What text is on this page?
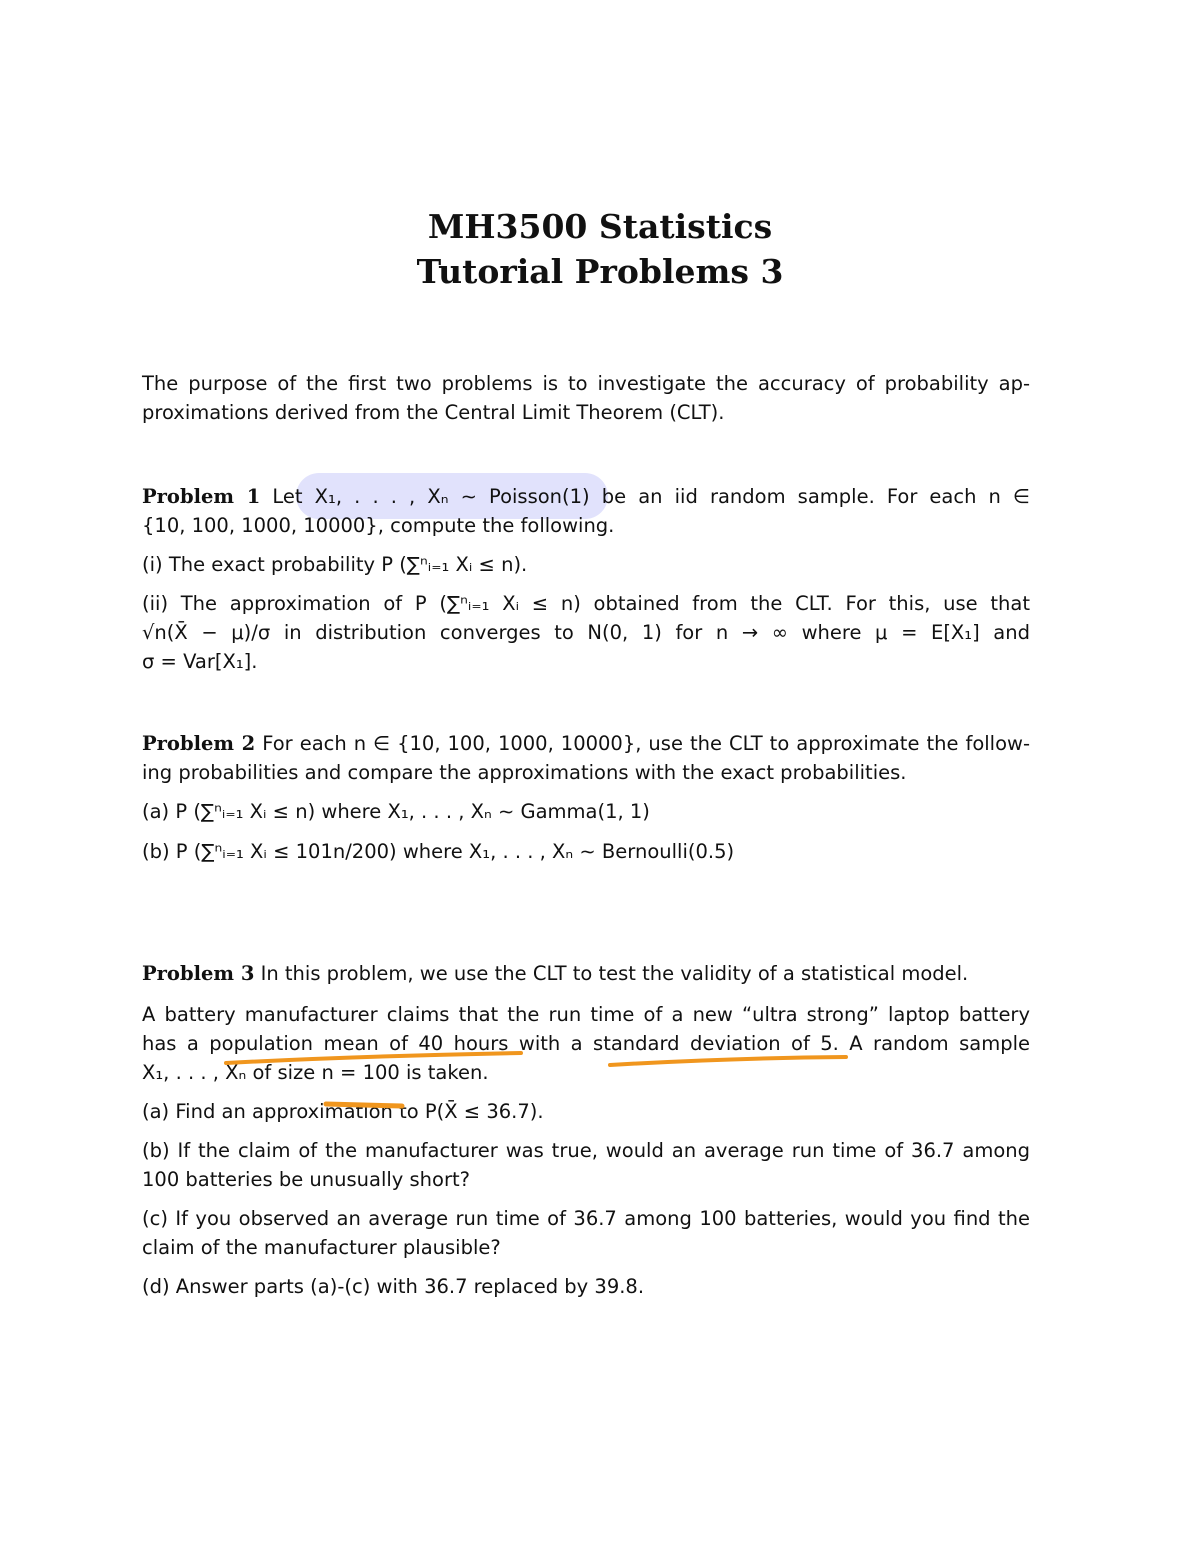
MH3500 Statistics
Tutorial Problems 3
The purpose of the first two problems is to investigate the accuracy of probability ap-
proximations derived from the Central Limit Theorem (CLT).
Problem 1 Let X₁, . . . , Xₙ ∼ Poisson(1) be an iid random sample. For each n ∈
{10, 100, 1000, 10000}, compute the following.
(i) The exact probability P (∑ⁿᵢ₌₁ Xᵢ ≤ n).
(ii) The approximation of P (∑ⁿᵢ₌₁ Xᵢ ≤ n) obtained from the CLT. For this, use that
√n(X̄ − μ)/σ in distribution converges to N(0, 1) for n → ∞ where μ = E[X₁] and
σ = Var[X₁].
Problem 2 For each n ∈ {10, 100, 1000, 10000}, use the CLT to approximate the follow-
ing probabilities and compare the approximations with the exact probabilities.
(a) P (∑ⁿᵢ₌₁ Xᵢ ≤ n) where X₁, . . . , Xₙ ∼ Gamma(1, 1)
(b) P (∑ⁿᵢ₌₁ Xᵢ ≤ 101n/200) where X₁, . . . , Xₙ ∼ Bernoulli(0.5)
Problem 3 In this problem, we use the CLT to test the validity of a statistical model.
A battery manufacturer claims that the run time of a new “ultra strong” laptop battery
has a population mean of 40 hours with a standard deviation of 5. A random sample
X₁, . . . , Xₙ of size n = 100 is taken.
(a) Find an approximation to P(X̄ ≤ 36.7).
(b) If the claim of the manufacturer was true, would an average run time of 36.7 among
100 batteries be unusually short?
(c) If you observed an average run time of 36.7 among 100 batteries, would you find the
claim of the manufacturer plausible?
(d) Answer parts (a)-(c) with 36.7 replaced by 39.8.
